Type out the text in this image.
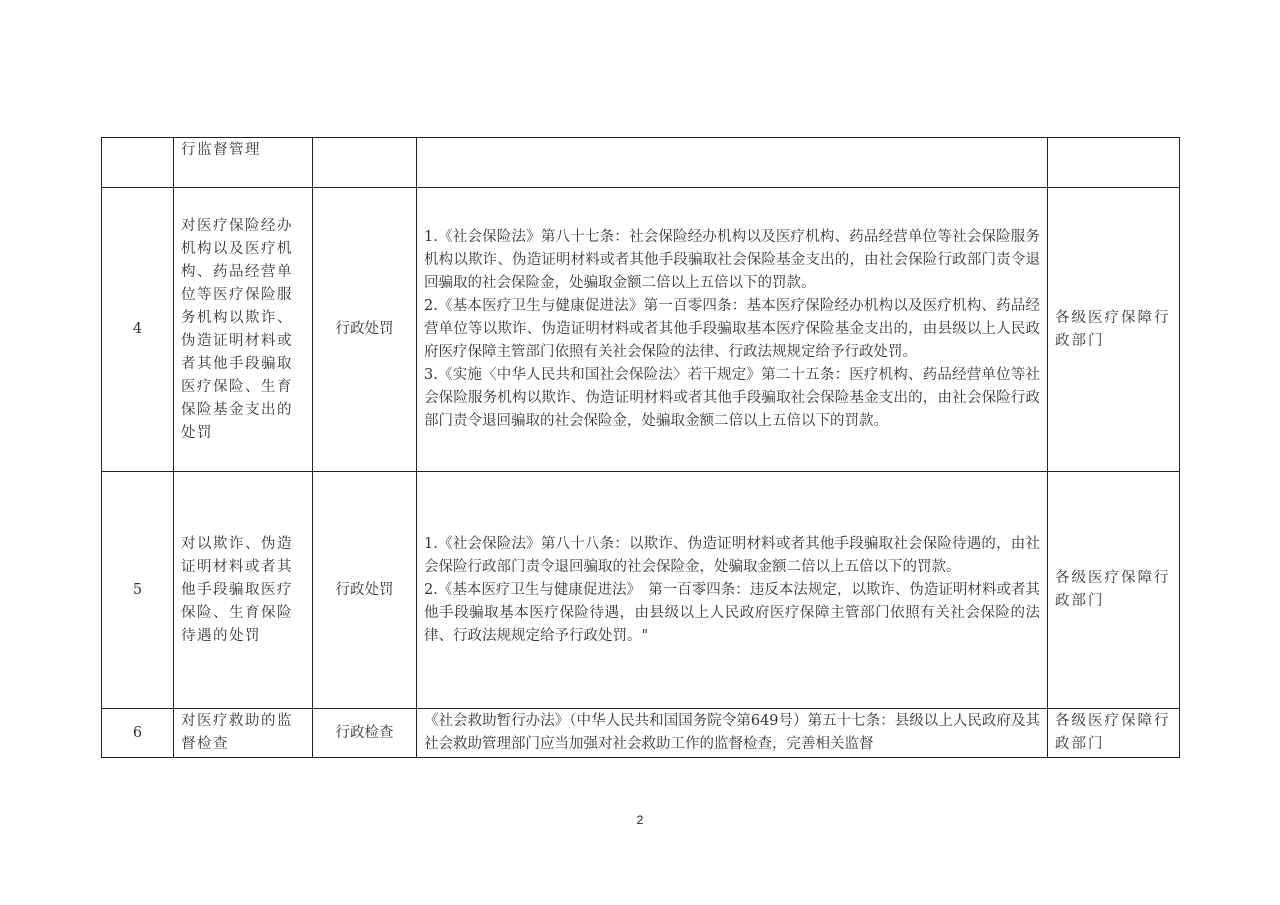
	行监督管理			
4	对医疗保险经办机构以及医疗机构、药品经营单位等医疗保险服务机构以欺诈、伪造证明材料或者其他手段骗取医疗保险、生育保险基金支出的处罚	行政处罚	1.《社会保险法》第八十七条：社会保险经办机构以及医疗机构、药品经营单位等社会保险服务机构以欺诈、伪造证明材料或者其他手段骗取社会保险基金支出的，由社会保险行政部门责令退回骗取的社会保险金，处骗取金额二倍以上五倍以下的罚款。
2.《基本医疗卫生与健康促进法》第一百零四条：基本医疗保险经办机构以及医疗机构、药品经营单位等以欺诈、伪造证明材料或者其他手段骗取基本医疗保险基金支出的，由县级以上人民政府医疗保障主管部门依照有关社会保险的法律、行政法规规定给予行政处罚。
3.《实施〈中华人民共和国社会保险法〉若干规定》第二十五条：医疗机构、药品经营单位等社会保险服务机构以欺诈、伪造证明材料或者其他手段骗取社会保险基金支出的，由社会保险行政部门责令退回骗取的社会保险金，处骗取金额二倍以上五倍以下的罚款。	各级医疗保障行政部门
5	对以欺诈、伪造证明材料或者其他手段骗取医疗保险、生育保险待遇的处罚	行政处罚	1.《社会保险法》第八十八条：以欺诈、伪造证明材料或者其他手段骗取社会保险待遇的，由社会保险行政部门责令退回骗取的社会保险金，处骗取金额二倍以上五倍以下的罚款。
2.《基本医疗卫生与健康促进法》　第一百零四条：违反本法规定，以欺诈、伪造证明材料或者其他手段骗取基本医疗保险待遇，由县级以上人民政府医疗保障主管部门依照有关社会保险的法律、行政法规规定给予行政处罚。"	各级医疗保障行政部门
6	对医疗救助的监督检查	行政检查	《社会救助暂行办法》（中华人民共和国国务院令第649号）第五十七条：县级以上人民政府及其社会救助管理部门应当加强对社会救助工作的监督检查，完善相关监督	各级医疗保障行政部门
2
